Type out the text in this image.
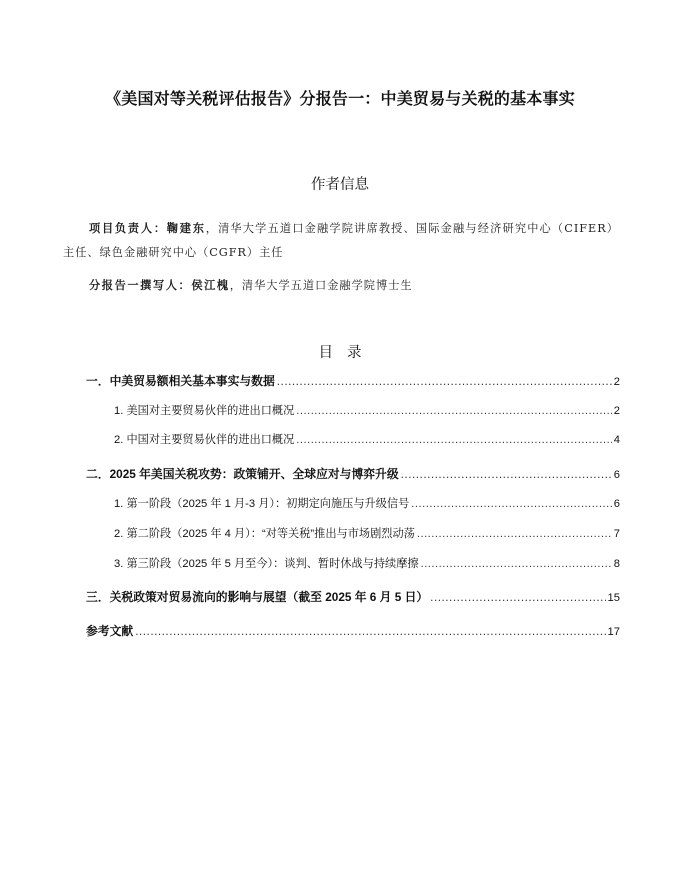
《美国对等关税评估报告》分报告一：中美贸易与关税的基本事实
作者信息
项目负责人：鞠建东，清华大学五道口金融学院讲席教授、国际金融与经济研究中心（CIFER）主任、绿色金融研究中心（CGFR）主任
分报告一撰写人：侯江槐，清华大学五道口金融学院博士生
目录
一．中美贸易额相关基本事实与数据 .....	2
1. 美国对主要贸易伙伴的进出口概况 .....	2
2. 中国对主要贸易伙伴的进出口概况 .....	4
二．2025 年美国关税攻势：政策铺开、全球应对与博弈升级 .....	6
1. 第一阶段（2025 年 1 月-3 月）：初期定向施压与升级信号 .....	6
2. 第二阶段（2025 年 4 月）：“对等关税”推出与市场剧烈动荡 .....	7
3. 第三阶段（2025 年 5 月至今）：谈判、暂时休战与持续摩擦 .....	8
三．关税政策对贸易流向的影响与展望（截至 2025 年 6 月 5 日） .....	15
参考文献 .....	17
